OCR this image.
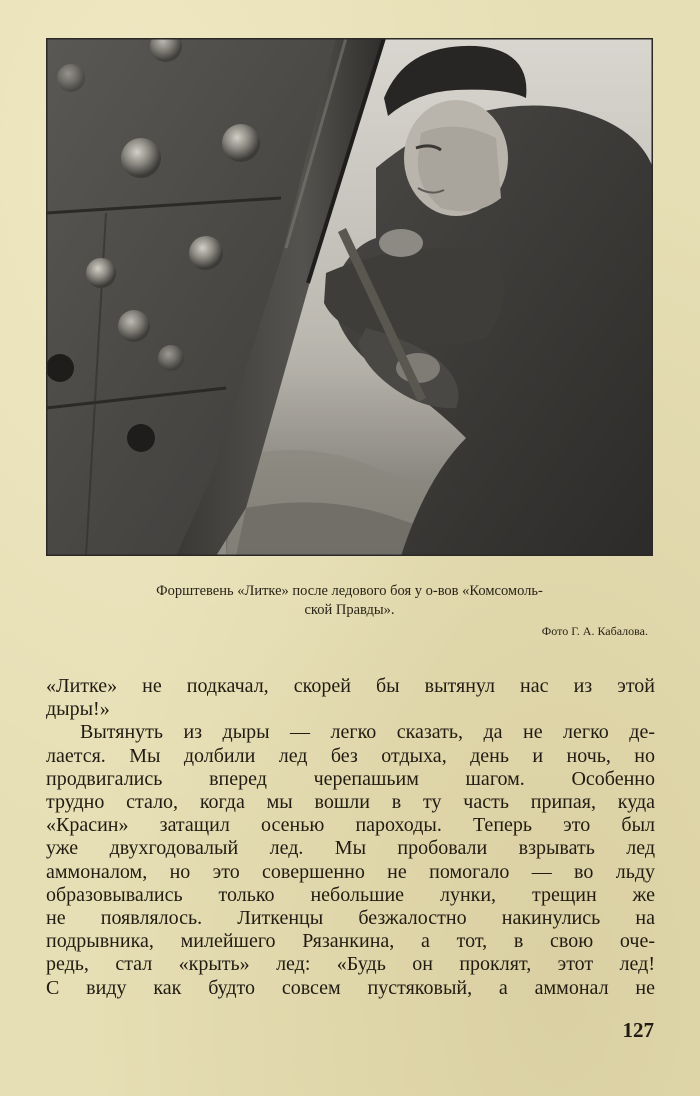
Форштевень «Литке» после ледового боя у о-вов «Комсомоль-
ской Правды».
Фото Г. А. Кабалова.
«Литке» не подкачал, скорей бы вытянул нас из этой
дыры!»
Вытянуть из дыры — легко сказать, да не легко де-
лается. Мы долбили лед без отдыха, день и ночь, но
продвигались вперед черепашьим шагом. Особенно
трудно стало, когда мы вошли в ту часть припая, куда
«Красин» затащил осенью пароходы. Теперь это был
уже двухгодовалый лед. Мы пробовали взрывать лед
аммоналом, но это совершенно не помогало — во льду
образовывались только небольшие лунки, трещин же
не появлялось. Литкенцы безжалостно накинулись на
подрывника, милейшего Рязанкина, а тот, в свою оче-
редь, стал «крыть» лед: «Будь он проклят, этот лед!
С виду как будто совсем пустяковый, а аммонал не
127
